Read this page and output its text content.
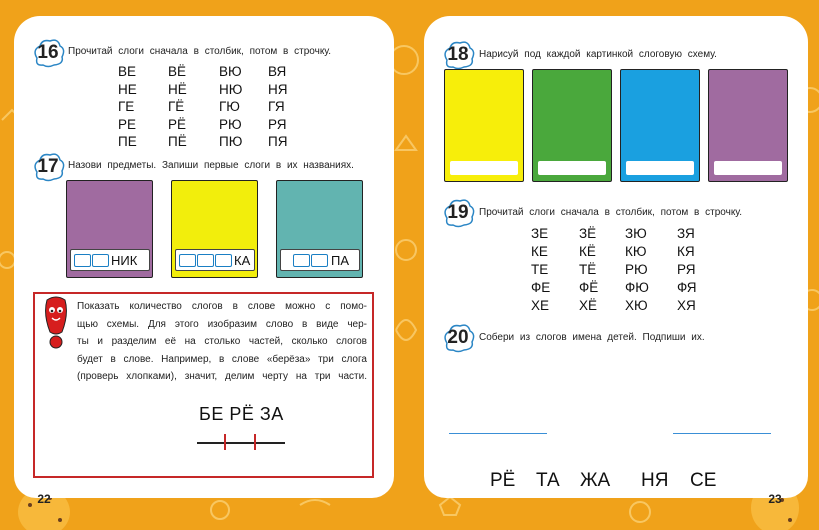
16 Прочитай слоги сначала в столбик, потом в строчку.
ВЕ	ВЁ	ВЮ	ВЯ
НЕ	НЁ	НЮ	НЯ
ГЕ	ГЁ	ГЮ	ГЯ
РЕ	РЁ	РЮ	РЯ
ПЕ	ПЁ	ПЮ	ПЯ
17 Назови предметы. Запиши первые слоги в их названиях.
НИК	КА	ПА
Показать количество слогов в слове можно с помо-
щью схемы. Для этого изобразим слово в виде чер-
ты и разделим её на столько частей, сколько слогов
будет в слове. Например, в слове «берёза» три слога
(проверь хлопками), значит, делим черту на три части.
БЕ РЁ ЗА
22
18	Нарисуй под каждой картинкой слоговую схему.
19	Прочитай слоги сначала в столбик, потом в строчку.
ЗЕ	ЗЁ	ЗЮ	ЗЯ
КЕ	КЁ	КЮ	КЯ
ТЕ	ТЁ	РЮ	РЯ
ФЕ	ФЁ	ФЮ	ФЯ
ХЕ	ХЁ	ХЮ	ХЯ
20	Собери из слогов имена детей. Подпиши их.
РЁ ТА ЖА НЯ СЕ
23
